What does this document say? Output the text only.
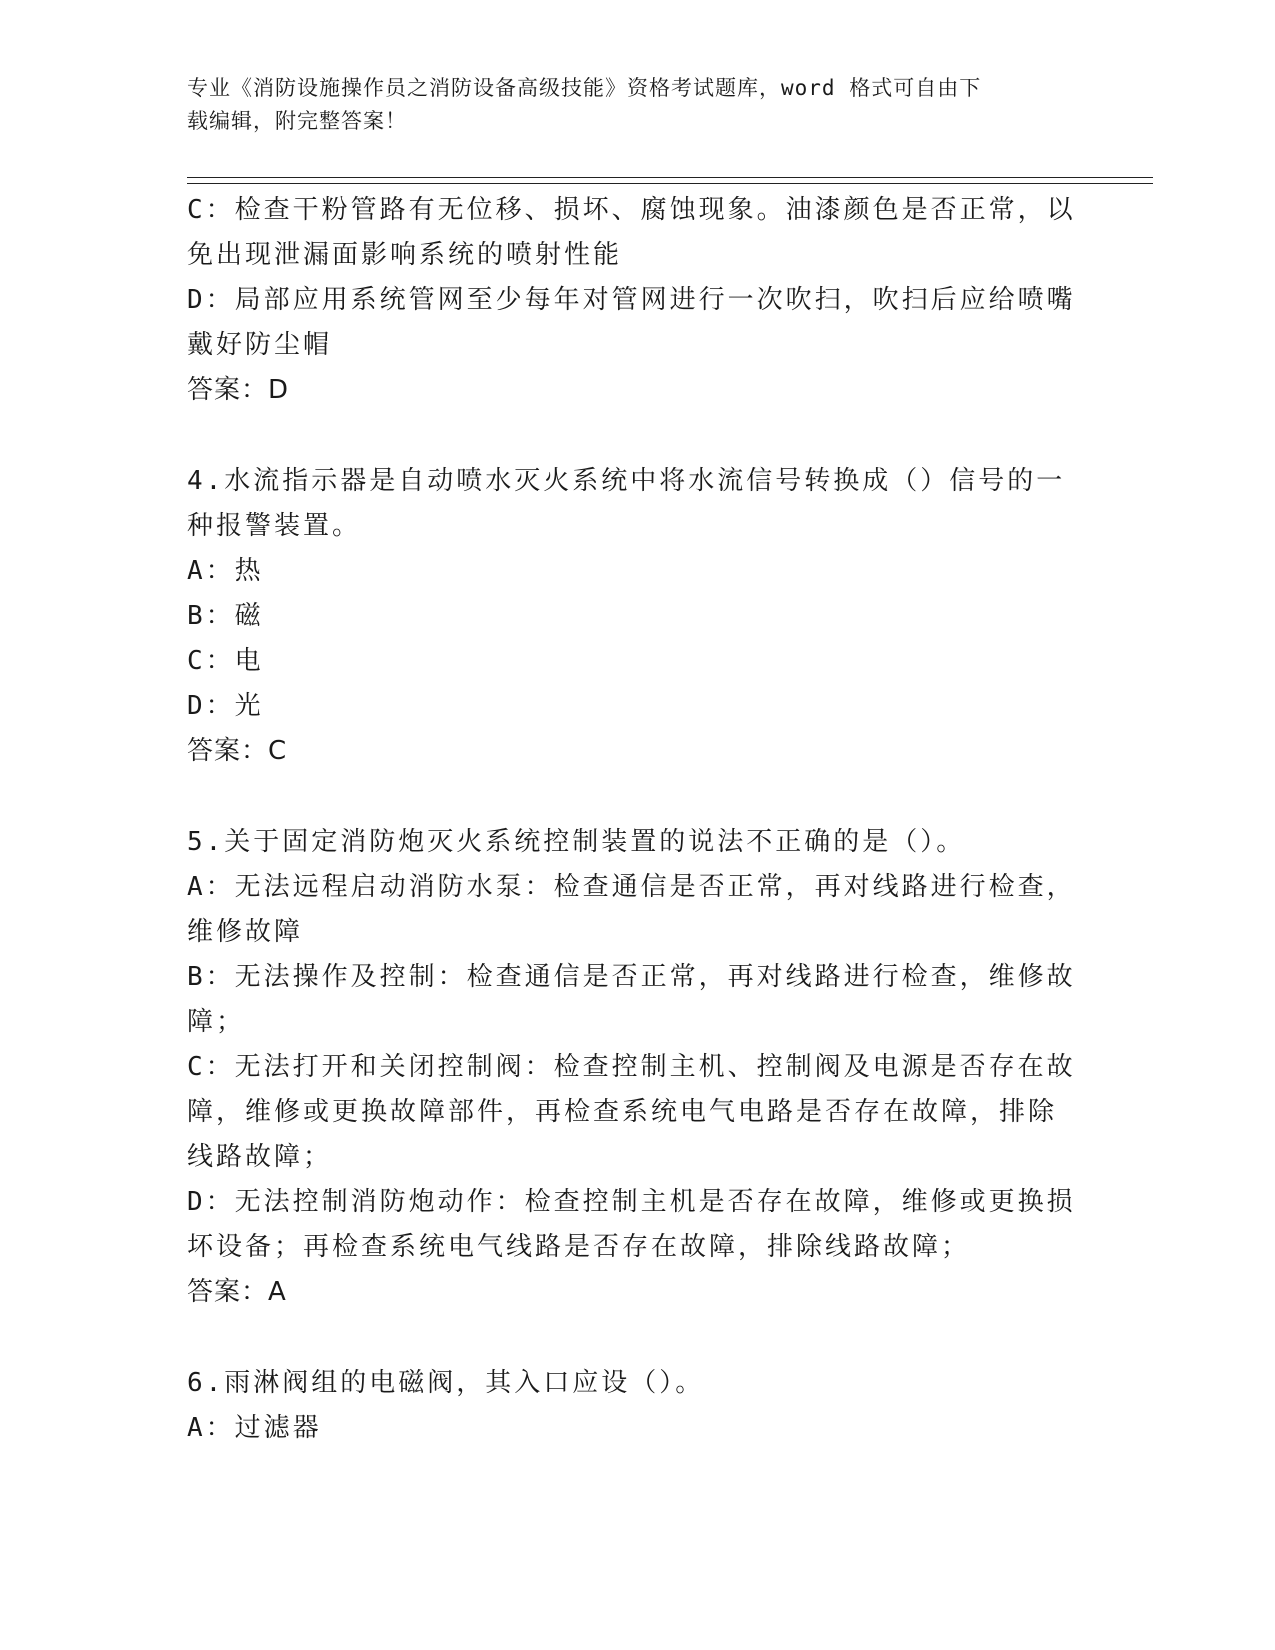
专业《消防设施操作员之消防设备高级技能》资格考试题库，word 格式可自由下
载编辑，附完整答案！
C：检查干粉管路有无位移、损坏、腐蚀现象。油漆颜色是否正常，以
免出现泄漏面影响系统的喷射性能
D：局部应用系统管网至少每年对管网进行一次吹扫，吹扫后应给喷嘴
戴好防尘帽
答案：D
4.水流指示器是自动喷水灭火系统中将水流信号转换成（）信号的一
种报警装置。
A：热
B：磁
C：电
D：光
答案：C
5.关于固定消防炮灭火系统控制装置的说法不正确的是（）。
A：无法远程启动消防水泵：检查通信是否正常，再对线路进行检查，
维修故障
B：无法操作及控制：检查通信是否正常，再对线路进行检查，维修故
障；
C：无法打开和关闭控制阀：检查控制主机、控制阀及电源是否存在故
障，维修或更换故障部件，再检查系统电气电路是否存在故障，排除
线路故障；
D：无法控制消防炮动作：检查控制主机是否存在故障，维修或更换损
坏设备；再检查系统电气线路是否存在故障，排除线路故障；
答案：A
6.雨淋阀组的电磁阀，其入口应设（）。
A：过滤器
